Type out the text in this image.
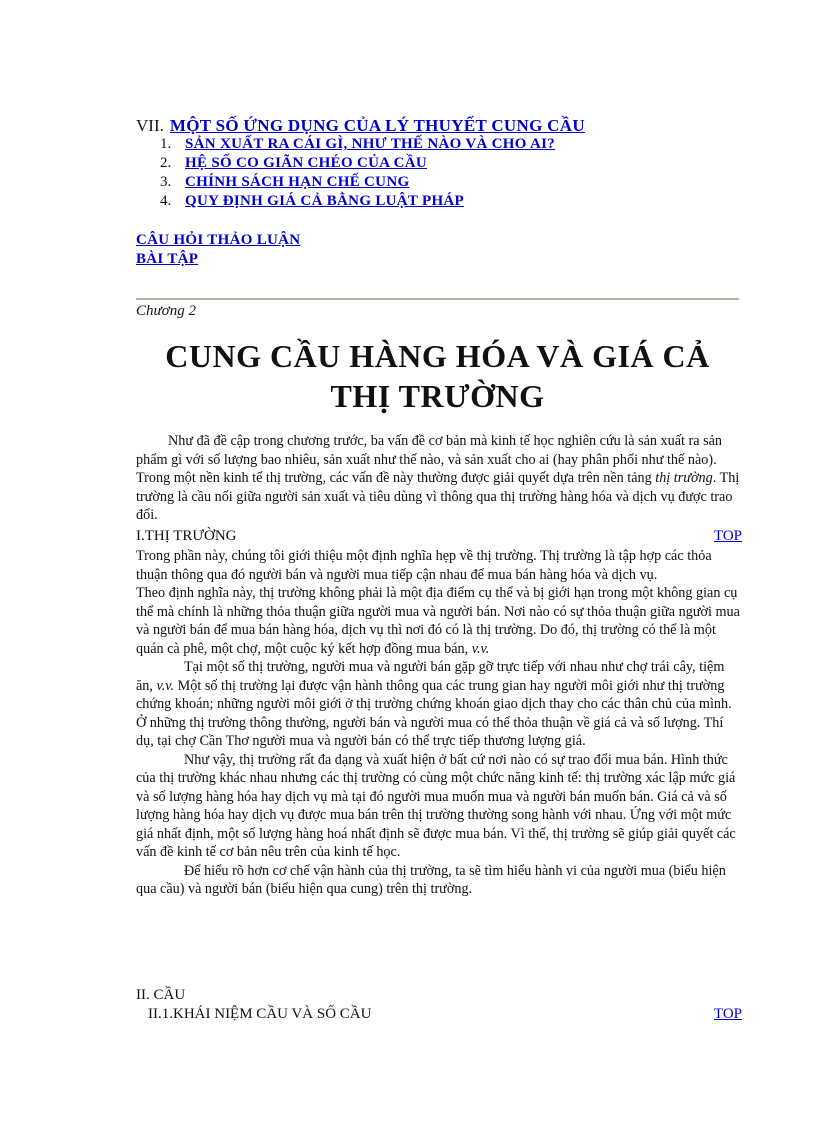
VII. MỘT SỐ ỨNG DỤNG CỦA LÝ THUYẾT CUNG CẦU
1. SẢN XUẤT RA CÁI GÌ, NHƯ THẾ NÀO VÀ CHO AI?
2. HỆ SỐ CO GIÃN CHÉO CỦA CẦU
3. CHÍNH SÁCH HẠN CHẾ CUNG
4. QUY ĐỊNH GIÁ CẢ BẰNG LUẬT PHÁP
CÂU HỎI THẢO LUẬN
BÀI TẬP
Chương 2
CUNG CẦU HÀNG HÓA VÀ GIÁ CẢ
THỊ TRƯỜNG

Như đã đề cập trong chương trước, ba vấn đề cơ bản mà kinh tế học nghiên cứu là sản xuất ra sản phẩm gì với số lượng bao nhiêu, sản xuất như thế nào, và sản xuất cho ai (hay phân phối như thế nào). Trong một nền kinh tế thị trường, các vấn đề này thường được giải quyết dựa trên nền tảng thị trường. Thị trường là cầu nối giữa người sản xuất và tiêu dùng vì thông qua thị trường hàng hóa và dịch vụ được trao đổi.

I.THỊ TRƯỜNG	TOP

Trong phần này, chúng tôi giới thiệu một định nghĩa hẹp về thị trường. Thị trường là tập hợp các thỏa thuận thông qua đó người bán và người mua tiếp cận nhau để mua bán hàng hóa và dịch vụ.

Theo định nghĩa này, thị trường không phải là một địa điểm cụ thể và bị giới hạn trong một không gian cụ thể mà chính là những thỏa thuận giữa người mua và người bán. Nơi nào có sự thỏa thuận giữa người mua và người bán để mua bán hàng hóa, dịch vụ thì nơi đó có là thị trường. Do đó, thị trường có thể là một quán cà phê, một chợ, một cuộc ký kết hợp đồng mua bán, v.v.

Tại một số thị trường, người mua và người bán gặp gỡ trực tiếp với nhau như chợ trái cây, tiệm ăn, v.v. Một số thị trường lại được vận hành thông qua các trung gian hay người môi giới như thị trường chứng khoán; những người môi giới ở thị trường chứng khoán giao dịch thay cho các thân chủ của mình. Ở những thị trường thông thường, người bán và người mua có thể thỏa thuận về giá cả và số lượng. Thí dụ, tại chợ Cần Thơ người mua và người bán có thể trực tiếp thương lượng giá.

Như vậy, thị trường rất đa dạng và xuất hiện ở bất cứ nơi nào có sự trao đổi mua bán. Hình thức của thị trường khác nhau nhưng các thị trường có cùng một chức năng kinh tế: thị trường xác lập mức giá và số lượng hàng hóa hay dịch vụ mà tại đó người mua muốn mua và người bán muốn bán. Giá cả và số lượng hàng hóa hay dịch vụ được mua bán trên thị trường thường song hành với nhau. Ứng với một mức giá nhất định, một số lượng hàng hoá nhất định sẽ được mua bán. Vì thế, thị trường sẽ giúp giải quyết các vấn đề kinh tế cơ bản nêu trên của kinh tế học.

Để hiểu rõ hơn cơ chế vận hành của thị trường, ta sẽ tìm hiểu hành vi của người mua (biểu hiện qua cầu) và người bán (biểu hiện qua cung) trên thị trường.

II. CẦU
II.1.KHÁI NIỆM CẦU VÀ SỐ CẦU	TOP
